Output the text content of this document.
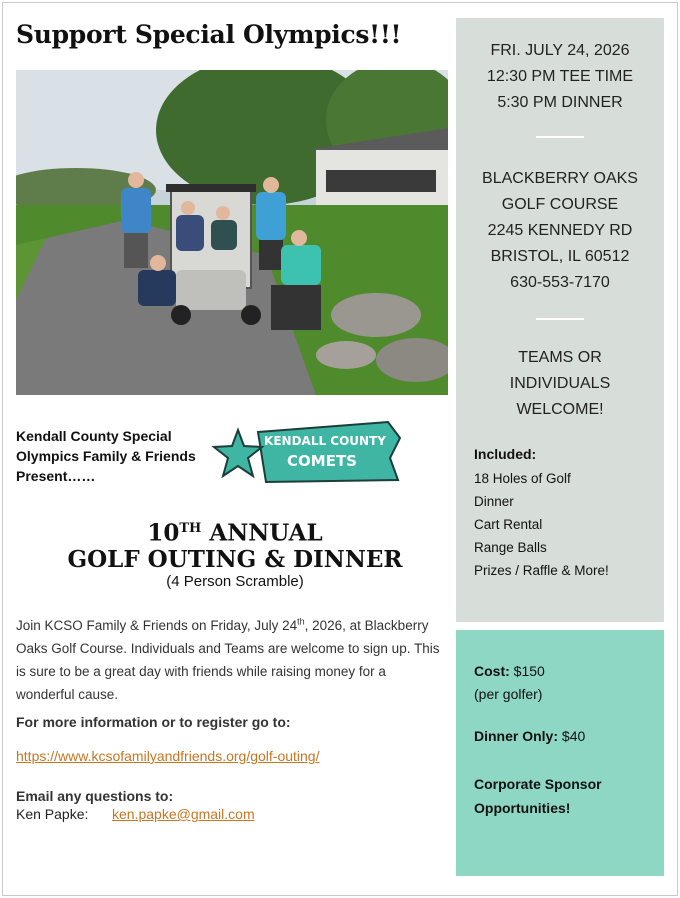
Support Special Olympics!!!
Kendall County Special Olympics Family & Friends Present……
KENDALL COUNTY
COMETS
10TH ANNUAL
GOLF OUTING & DINNER
(4 Person Scramble)
Join KCSO Family & Friends on Friday, July 24th, 2026, at Blackberry Oaks Golf Course. Individuals and Teams are welcome to sign up. This is sure to be a great day with friends while raising money for a wonderful cause.
For more information or to register go to:
https://www.kcsofamilyandfriends.org/golf-outing/
Email any questions to:
Ken Papke: ken.papke@gmail.com
FRI. JULY 24, 2026
12:30 PM TEE TIME
5:30 PM DINNER
BLACKBERRY OAKS
GOLF COURSE
2245 KENNEDY RD
BRISTOL, IL 60512
630-553-7170
TEAMS OR
INDIVIDUALS
WELCOME!
Included:
18 Holes of Golf
Dinner
Cart Rental
Range Balls
Prizes / Raffle & More!
Cost: $150
(per golfer)
Dinner Only: $40
Corporate Sponsor Opportunities!
